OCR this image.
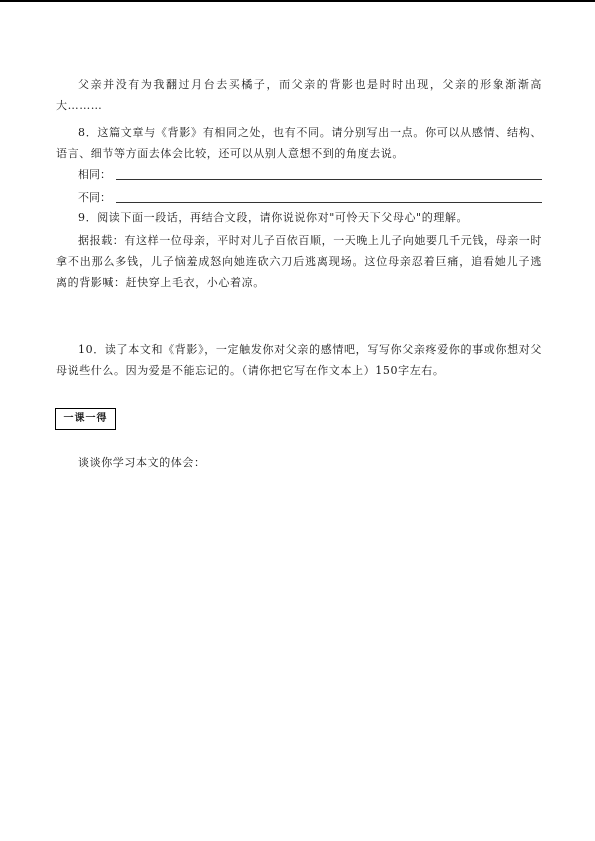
父亲并没有为我翻过月台去买橘子，而父亲的背影也是时时出现，父亲的形象渐渐高大………

8．这篇文章与《背影》有相同之处，也有不同。请分别写出一点。你可以从感情、结构、语言、细节等方面去体会比较，还可以从别人意想不到的角度去说。

相同：
不同：

9．阅读下面一段话，再结合文段，请你说说你对"可怜天下父母心"的理解。

据报载：有这样一位母亲，平时对儿子百依百顺，一天晚上儿子向她要几千元钱，母亲一时拿不出那么多钱，儿子恼羞成怒向她连砍六刀后逃离现场。这位母亲忍着巨痛，追看她儿子逃离的背影喊：赶快穿上毛衣，小心着凉。

10．读了本文和《背影》，一定触发你对父亲的感情吧，写写你父亲疼爱你的事或你想对父母说些什么。因为爱是不能忘记的。（请你把它写在作文本上）150字左右。

一课一得

谈谈你学习本文的体会：
